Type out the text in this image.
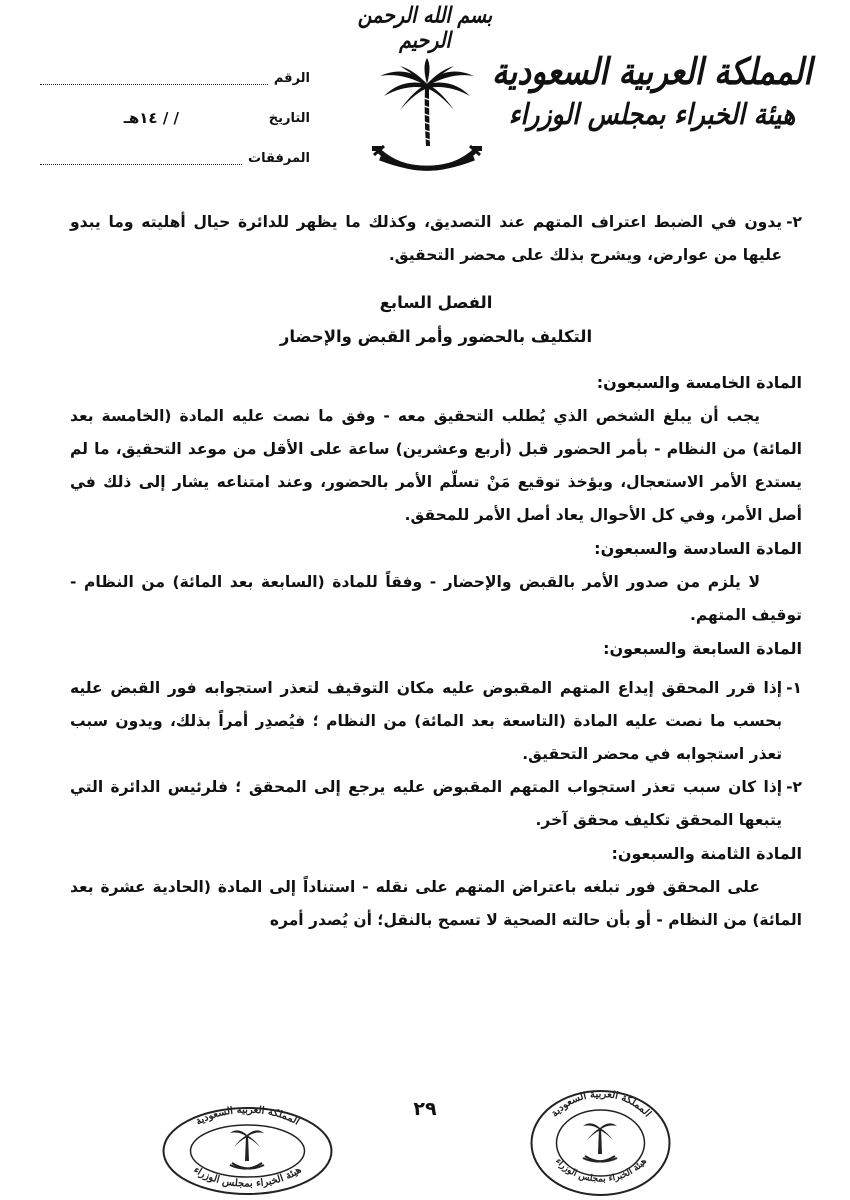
بسم الله الرحمن الرحيم
المملكة العربية السعودية
هيئة الخبراء بمجلس الوزراء
الرقم
التاريخ
/ / ١٤هـ
المرفقات
٢-
يدون في الضبط اعتراف المتهم عند التصديق، وكذلك ما يظهر للدائرة حيال أهليته وما يبدو عليها من عوارض، ويشرح بذلك على محضر التحقيق.
الفصل السابع
التكليف بالحضور وأمر القبض والإحضار

المادة الخامسة والسبعون:

يجب أن يبلغ الشخص الذي يُطلب التحقيق معه - وفق ما نصت عليه المادة (الخامسة بعد المائة) من النظام - بأمر الحضور قبل (أربع وعشرين) ساعة على الأقل من موعد التحقيق، ما لم يستدع الأمر الاستعجال، ويؤخذ توقيع مَنْ تسلّم الأمر بالحضور، وعند امتناعه يشار إلى ذلك في أصل الأمر، وفي كل الأحوال يعاد أصل الأمر للمحقق.

المادة السادسة والسبعون:

لا يلزم من صدور الأمر بالقبض والإحضار - وفقاً للمادة (السابعة بعد المائة) من النظام - توقيف المتهم.

المادة السابعة والسبعون:

١-
إذا قرر المحقق إيداع المتهم المقبوض عليه مكان التوقيف لتعذر استجوابه فور القبض عليه بحسب ما نصت عليه المادة (التاسعة بعد المائة) من النظام ؛ فيُصدِر أمراً بذلك، ويدون سبب تعذر استجوابه في محضر التحقيق.
٢-
إذا كان سبب تعذر استجواب المتهم المقبوض عليه يرجع إلى المحقق ؛ فلرئيس الدائرة التي يتبعها المحقق تكليف محقق آخر.

المادة الثامنة والسبعون:

على المحقق فور تبلغه باعتراض المتهم على نقله - استناداً إلى المادة (الحادية عشرة بعد المائة) من النظام - أو بأن حالته الصحية لا تسمح بالنقل؛ أن يُصدر أمره

٢٩
المملكة العربية السعودية
هيئة الخبراء بمجلس الوزراء
المملكة العربية السعودية
هيئة الخبراء بمجلس الوزراء
